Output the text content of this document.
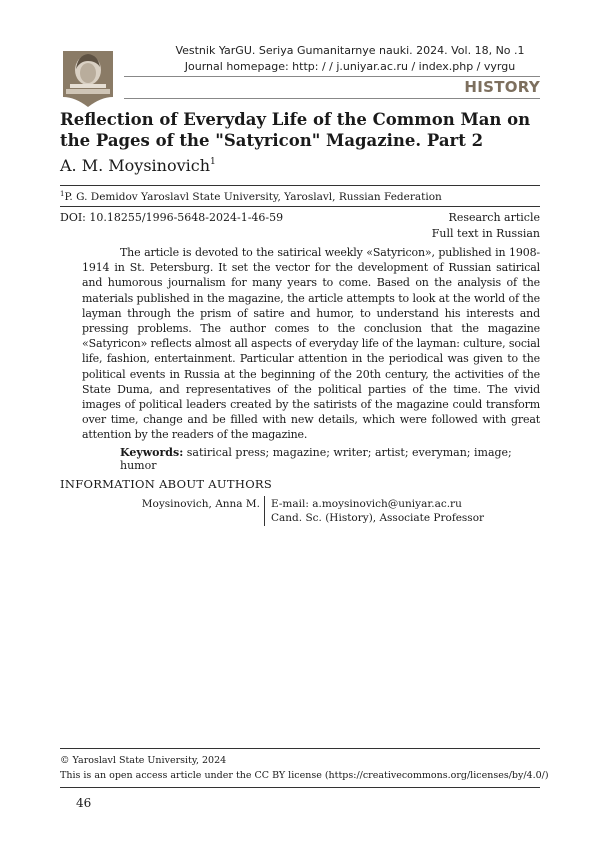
Vestnik YarGU. Seriya Gumanitarnye nauki. 2024. Vol. 18, No .1
Journal homepage: http: / / j.uniyar.ac.ru / index.php / vyrgu
HISTORY
Reflection of Everyday Life of the Common Man on the Pages of the "Satyricon" Magazine. Part 2
A. M. Moysinovich$^1$
$^1$P. G. Demidov Yaroslavl State University, Yaroslavl, Russian Federation
DOI: 10.18255/1996-5648-2024-1-46-59	Research article
Full text in Russian

The article is devoted to the satirical weekly «Satyricon», published in 1908-1914 in St. Petersburg. It set the vector for the development of Russian satirical and humorous journalism for many years to come. Based on the analysis of the materials published in the magazine, the article attempts to look at the world of the layman through the prism of satire and humor, to understand his interests and pressing problems. The author comes to the conclusion that the magazine «Satyricon» reflects almost all aspects of everyday life of the layman: culture, social life, fashion, entertainment. Particular attention in the periodical was given to the political events in Russia at the beginning of the 20th century, the activities of the State Duma, and representatives of the political parties of the time. The vivid images of political leaders created by the satirists of the magazine could transform over time, change and be filled with new details, which were followed with great attention by the readers of the magazine.

Keywords: satirical press; magazine; writer; artist; everyman; image; humor
INFORMATION ABOUT AUTHORS
Moysinovich, Anna M. E-mail: a.moysinovich@uniyar.ac.ru
Cand. Sc. (History), Associate Professor
© Yaroslavl State University, 2024
This is an open access article under the CC BY license (https://creativecommons.org/licenses/by/4.0/)
46
